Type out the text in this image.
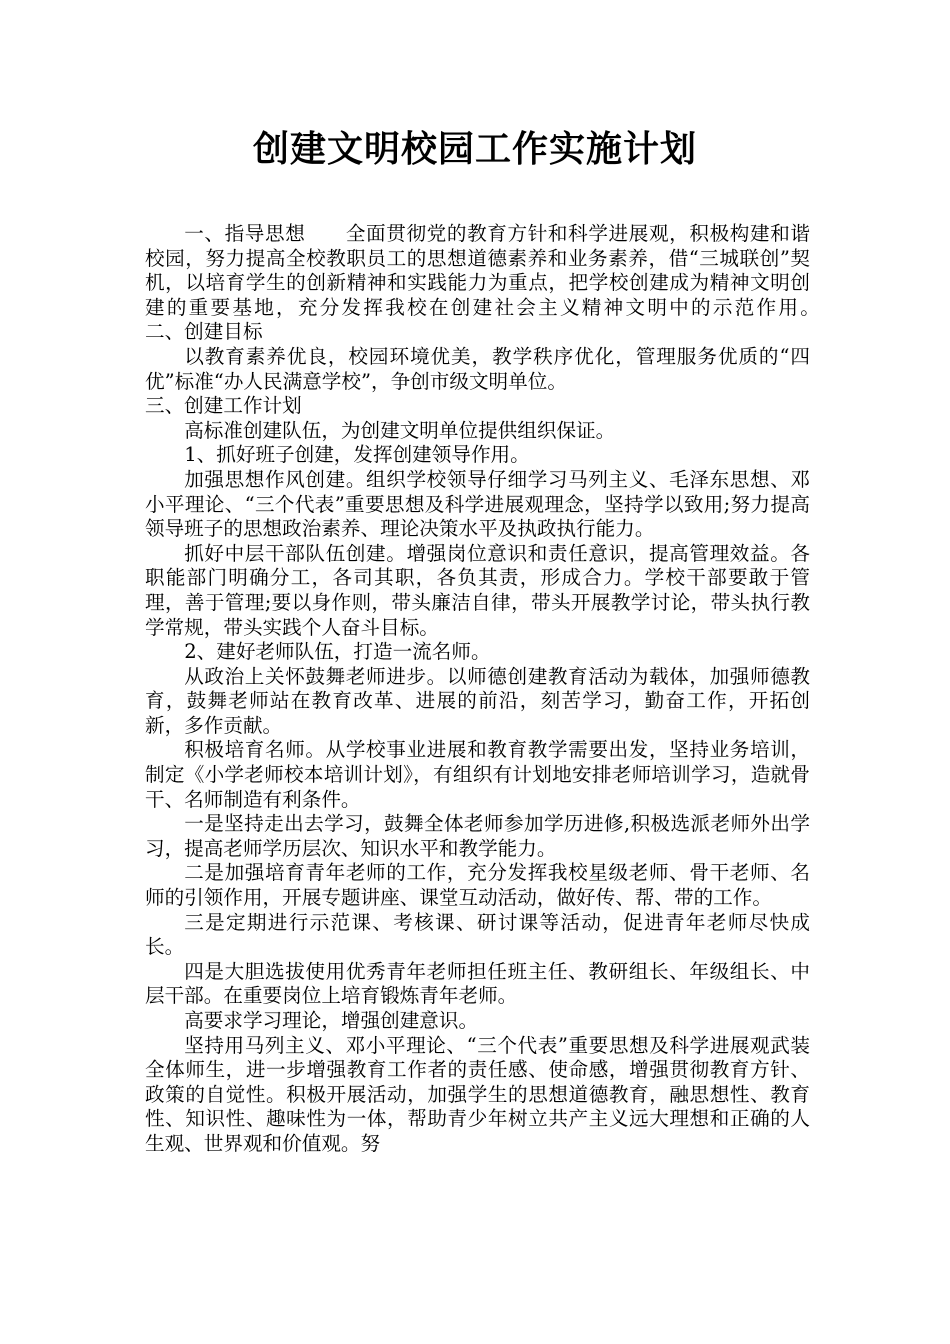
创建文明校园工作实施计划

一、指导思想　　全面贯彻党的教育方针和科学进展观，积极构建和谐校园，努力提高全校教职员工的思想道德素养和业务素养，借“三城联创”契机，以培育学生的创新精神和实践能力为重点，把学校创建成为精神文明创建的重要基地，充分发挥我校在创建社会主义精神文明中的示范作用。　　二、创建目标

以教育素养优良，校园环境优美，教学秩序优化，管理服务优质的“四优”标准“办人民满意学校”，争创市级文明单位。

三、创建工作计划

高标准创建队伍，为创建文明单位提供组织保证。

1、抓好班子创建，发挥创建领导作用。

加强思想作风创建。组织学校领导仔细学习马列主义、毛泽东思想、邓小平理论、“三个代表”重要思想及科学进展观理念，坚持学以致用;努力提高领导班子的思想政治素养、理论决策水平及执政执行能力。

抓好中层干部队伍创建。增强岗位意识和责任意识，提高管理效益。各职能部门明确分工，各司其职，各负其责，形成合力。学校干部要敢于管理，善于管理;要以身作则，带头廉洁自律，带头开展教学讨论，带头执行教学常规，带头实践个人奋斗目标。

2、建好老师队伍，打造一流名师。

从政治上关怀鼓舞老师进步。以师德创建教育活动为载体，加强师德教育，鼓舞老师站在教育改革、进展的前沿，刻苦学习，勤奋工作，开拓创新，多作贡献。

积极培育名师。从学校事业进展和教育教学需要出发，坚持业务培训，制定《小学老师校本培训计划》，有组织有计划地安排老师培训学习，造就骨干、名师制造有利条件。

一是坚持走出去学习，鼓舞全体老师参加学历进修,积极选派老师外出学习，提高老师学历层次、知识水平和教学能力。

二是加强培育青年老师的工作，充分发挥我校星级老师、骨干老师、名师的引领作用，开展专题讲座、课堂互动活动，做好传、帮、带的工作。

三是定期进行示范课、考核课、研讨课等活动，促进青年老师尽快成长。

四是大胆选拔使用优秀青年老师担任班主任、教研组长、年级组长、中层干部。在重要岗位上培育锻炼青年老师。

高要求学习理论，增强创建意识。

坚持用马列主义、邓小平理论、“三个代表”重要思想及科学进展观武装全体师生，进一步增强教育工作者的责任感、使命感，增强贯彻教育方针、政策的自觉性。积极开展活动，加强学生的思想道德教育，融思想性、教育性、知识性、趣味性为一体，帮助青少年树立共产主义远大理想和正确的人生观、世界观和价值观。努
